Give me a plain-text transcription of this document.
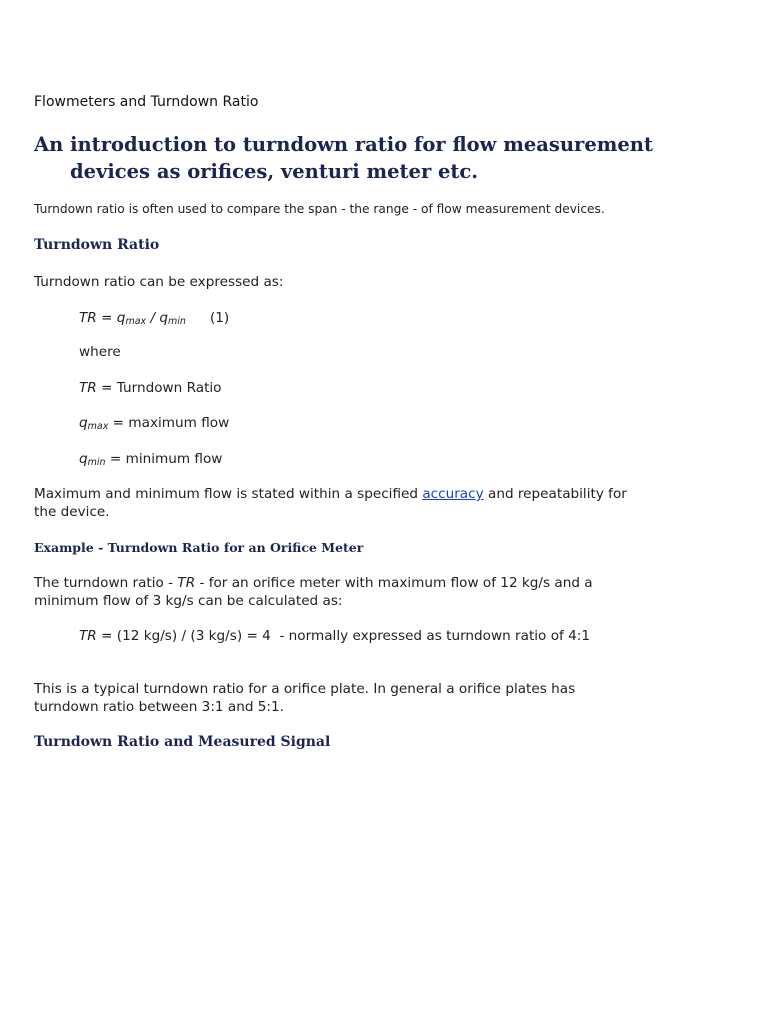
Flowmeters and Turndown Ratio
An introduction to turndown ratio for flow measurement devices as orifices, venturi meter etc.
Turndown ratio is often used to compare the span - the range - of flow measurement devices.
Turndown Ratio

Turndown ratio can be expressed as:

TR = $q_{max} / q_{min}$ (1)

where

TR = Turndown Ratio

$q_{max}$ = maximum flow

$q_{min}$ = minimum flow

Maximum and minimum flow is stated within a specified accuracy and repeatability for the device.

Example - Turndown Ratio for an Orifice Meter

The turndown ratio - TR - for an orifice meter with maximum flow of 12 kg/s and a minimum flow of 3 kg/s can be calculated as:

TR = (12 kg/s) / (3 kg/s) = 4  - normally expressed as turndown ratio of 4:1

This is a typical turndown ratio for a orifice plate. In general a orifice plates has turndown ratio between 3:1 and 5:1.

Turndown Ratio and Measured Signal
